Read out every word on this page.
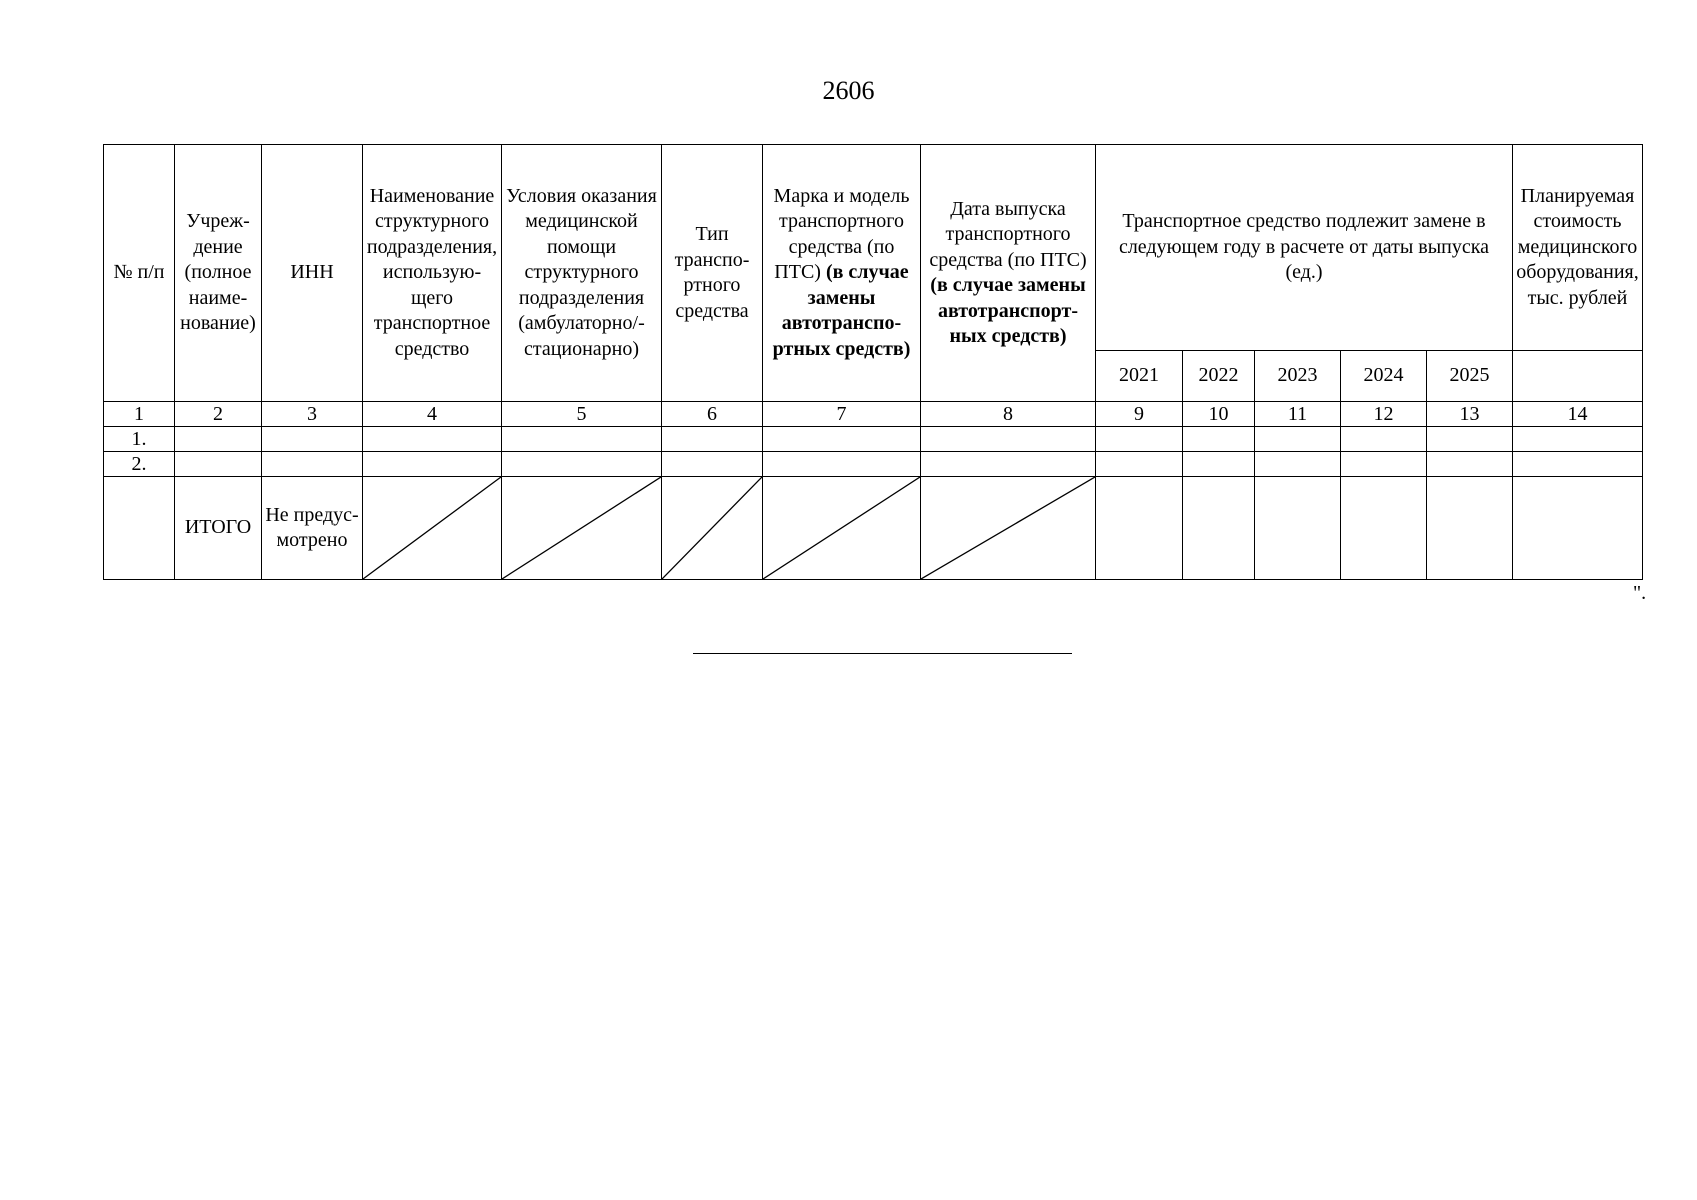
2606
№ п/п	Учреждение (полное наименование)	ИНН	Наименование структурного подразделения, использующего транспортное средство	Условия оказания медицинской помощи структурного подразделения (амбулаторно/стационарно)	Тип транспортного средства	Марка и модель транспортного средства (по ПТС) (в случае замены автотранспортных средств)	Дата выпуска транспортного средства (по ПТС) (в случае замены автотранспортных средств)	Транспортное средство подлежит замене в следующем году в расчете от даты выпуска (ед.)					Планируемая стоимость медицинского оборудования, тыс. рублей
								2021	2022	2023	2024	2025	
1	2	3	4	5	6	7	8	9	10	11	12	13	14
1.													
2.													
	ИТОГО	Не предусмотрено	

".
